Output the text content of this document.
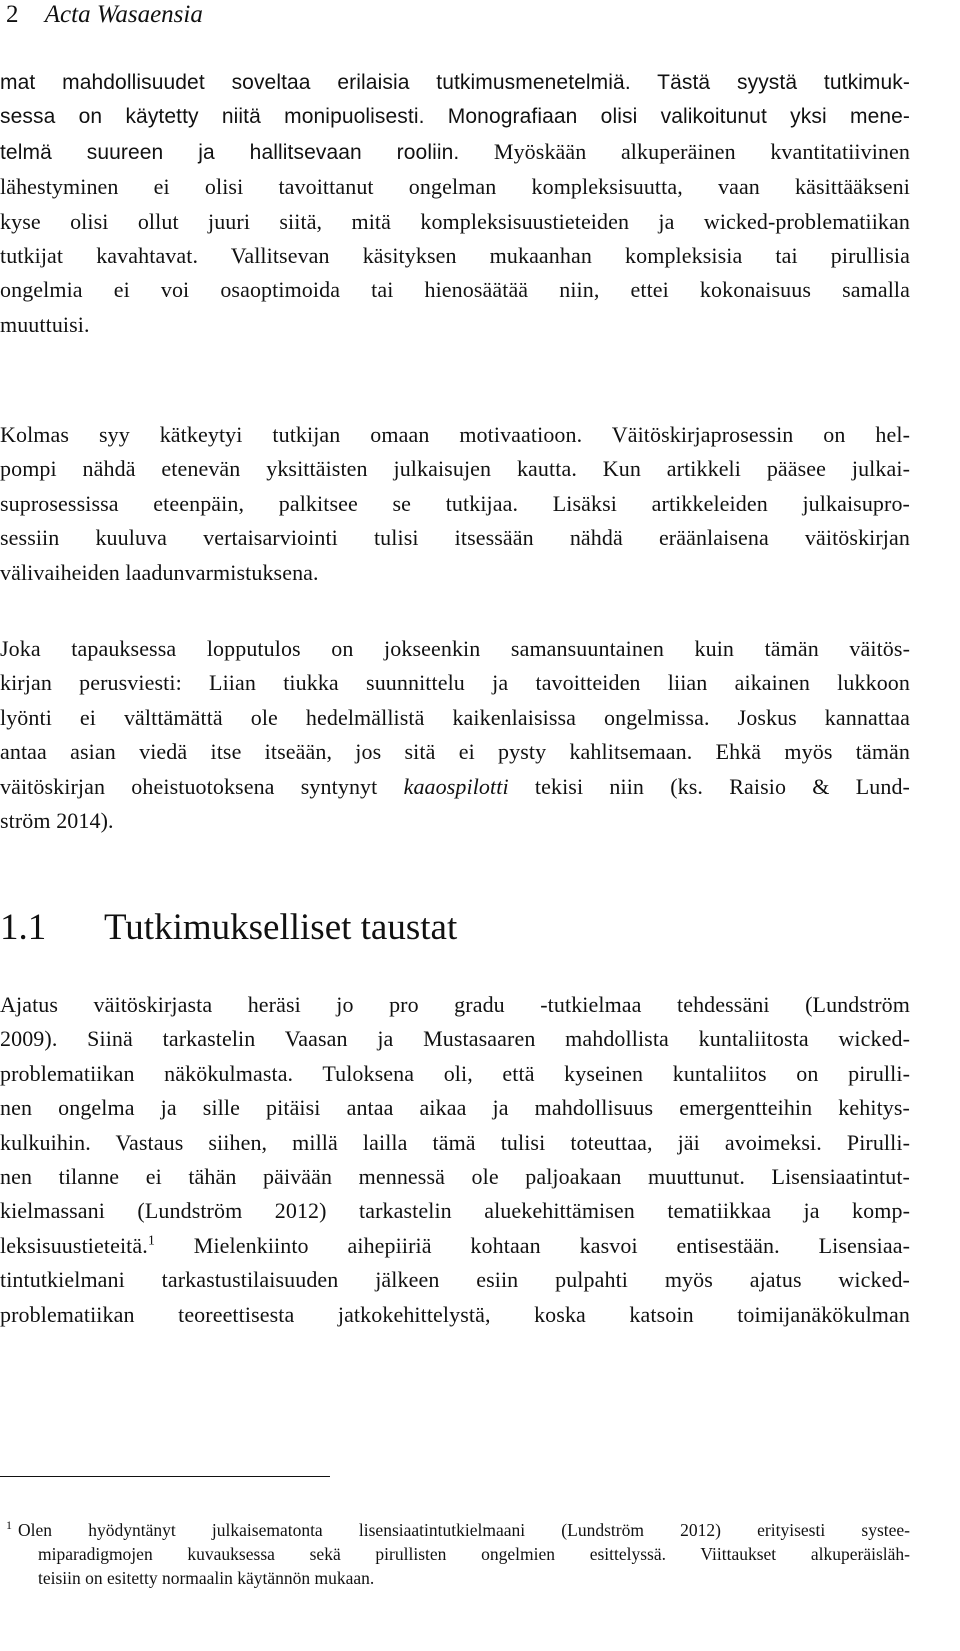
2 Acta Wasaensia
mat mahdollisuudet soveltaa erilaisia tutkimusmenetelmiä. Tästä syystä tutkimuk-
sessa on käytetty niitä monipuolisesti. Monografiaan olisi valikoitunut yksi mene-
telmä suureen ja hallitsevaan rooliin. Myöskään alkuperäinen kvantitatiivinen
lähestyminen ei olisi tavoittanut ongelman kompleksisuutta, vaan käsittääkseni
kyse olisi ollut juuri siitä, mitä kompleksisuustieteiden ja wicked-problematiikan
tutkijat kavahtavat. Vallitsevan käsityksen mukaanhan kompleksisia tai pirullisia
ongelmia ei voi osaoptimoida tai hienosäätää niin, ettei kokonaisuus samalla
muuttuisi.
Kolmas syy kätkeytyi tutkijan omaan motivaatioon. Väitöskirjaprosessin on hel-
pompi nähdä etenevän yksittäisten julkaisujen kautta. Kun artikkeli pääsee julkai-
suprosessissa eteenpäin, palkitsee se tutkijaa. Lisäksi artikkeleiden julkaisupro-
sessiin kuuluva vertaisarviointi tulisi itsessään nähdä eräänlaisena väitöskirjan
välivaiheiden laadunvarmistuksena.
Joka tapauksessa lopputulos on jokseenkin samansuuntainen kuin tämän väitös-
kirjan perusviesti: Liian tiukka suunnittelu ja tavoitteiden liian aikainen lukkoon
lyönti ei välttämättä ole hedelmällistä kaikenlaisissa ongelmissa. Joskus kannattaa
antaa asian viedä itse itseään, jos sitä ei pysty kahlitsemaan. Ehkä myös tämän
väitöskirjan oheistuotoksena syntynyt kaaospilotti tekisi niin (ks. Raisio & Lund-
ström 2014).
1.1 Tutkimukselliset taustat
Ajatus väitöskirjasta heräsi jo pro gradu -tutkielmaa tehdessäni (Lundström
2009). Siinä tarkastelin Vaasan ja Mustasaaren mahdollista kuntaliitosta wicked-
problematiikan näkökulmasta. Tuloksena oli, että kyseinen kuntaliitos on pirulli-
nen ongelma ja sille pitäisi antaa aikaa ja mahdollisuus emergentteihin kehitys-
kulkuihin. Vastaus siihen, millä lailla tämä tulisi toteuttaa, jäi avoimeksi. Pirulli-
nen tilanne ei tähän päivään mennessä ole paljoakaan muuttunut. Lisensiaatintut-
kielmassani (Lundström 2012) tarkastelin aluekehittämisen tematiikkaa ja komp-
leksisuustieteitä.$^1$ Mielenkiinto aihepiiriä kohtaan kasvoi entisestään. Lisensiaa-
tintutkielmani tarkastustilaisuuden jälkeen esiin pulpahti myös ajatus wicked-
problematiikan teoreettisesta jatkokehittelystä, koska katsoin toimijanäkökulman
$^1$ Olen hyödyntänyt julkaisematonta lisensiaatintutkielmaani (Lundström 2012) erityisesti systee-
miparadigmojen kuvauksessa sekä pirullisten ongelmien esittelyssä. Viittaukset alkuperäisläh-
teisiin on esitetty normaalin käytännön mukaan.
